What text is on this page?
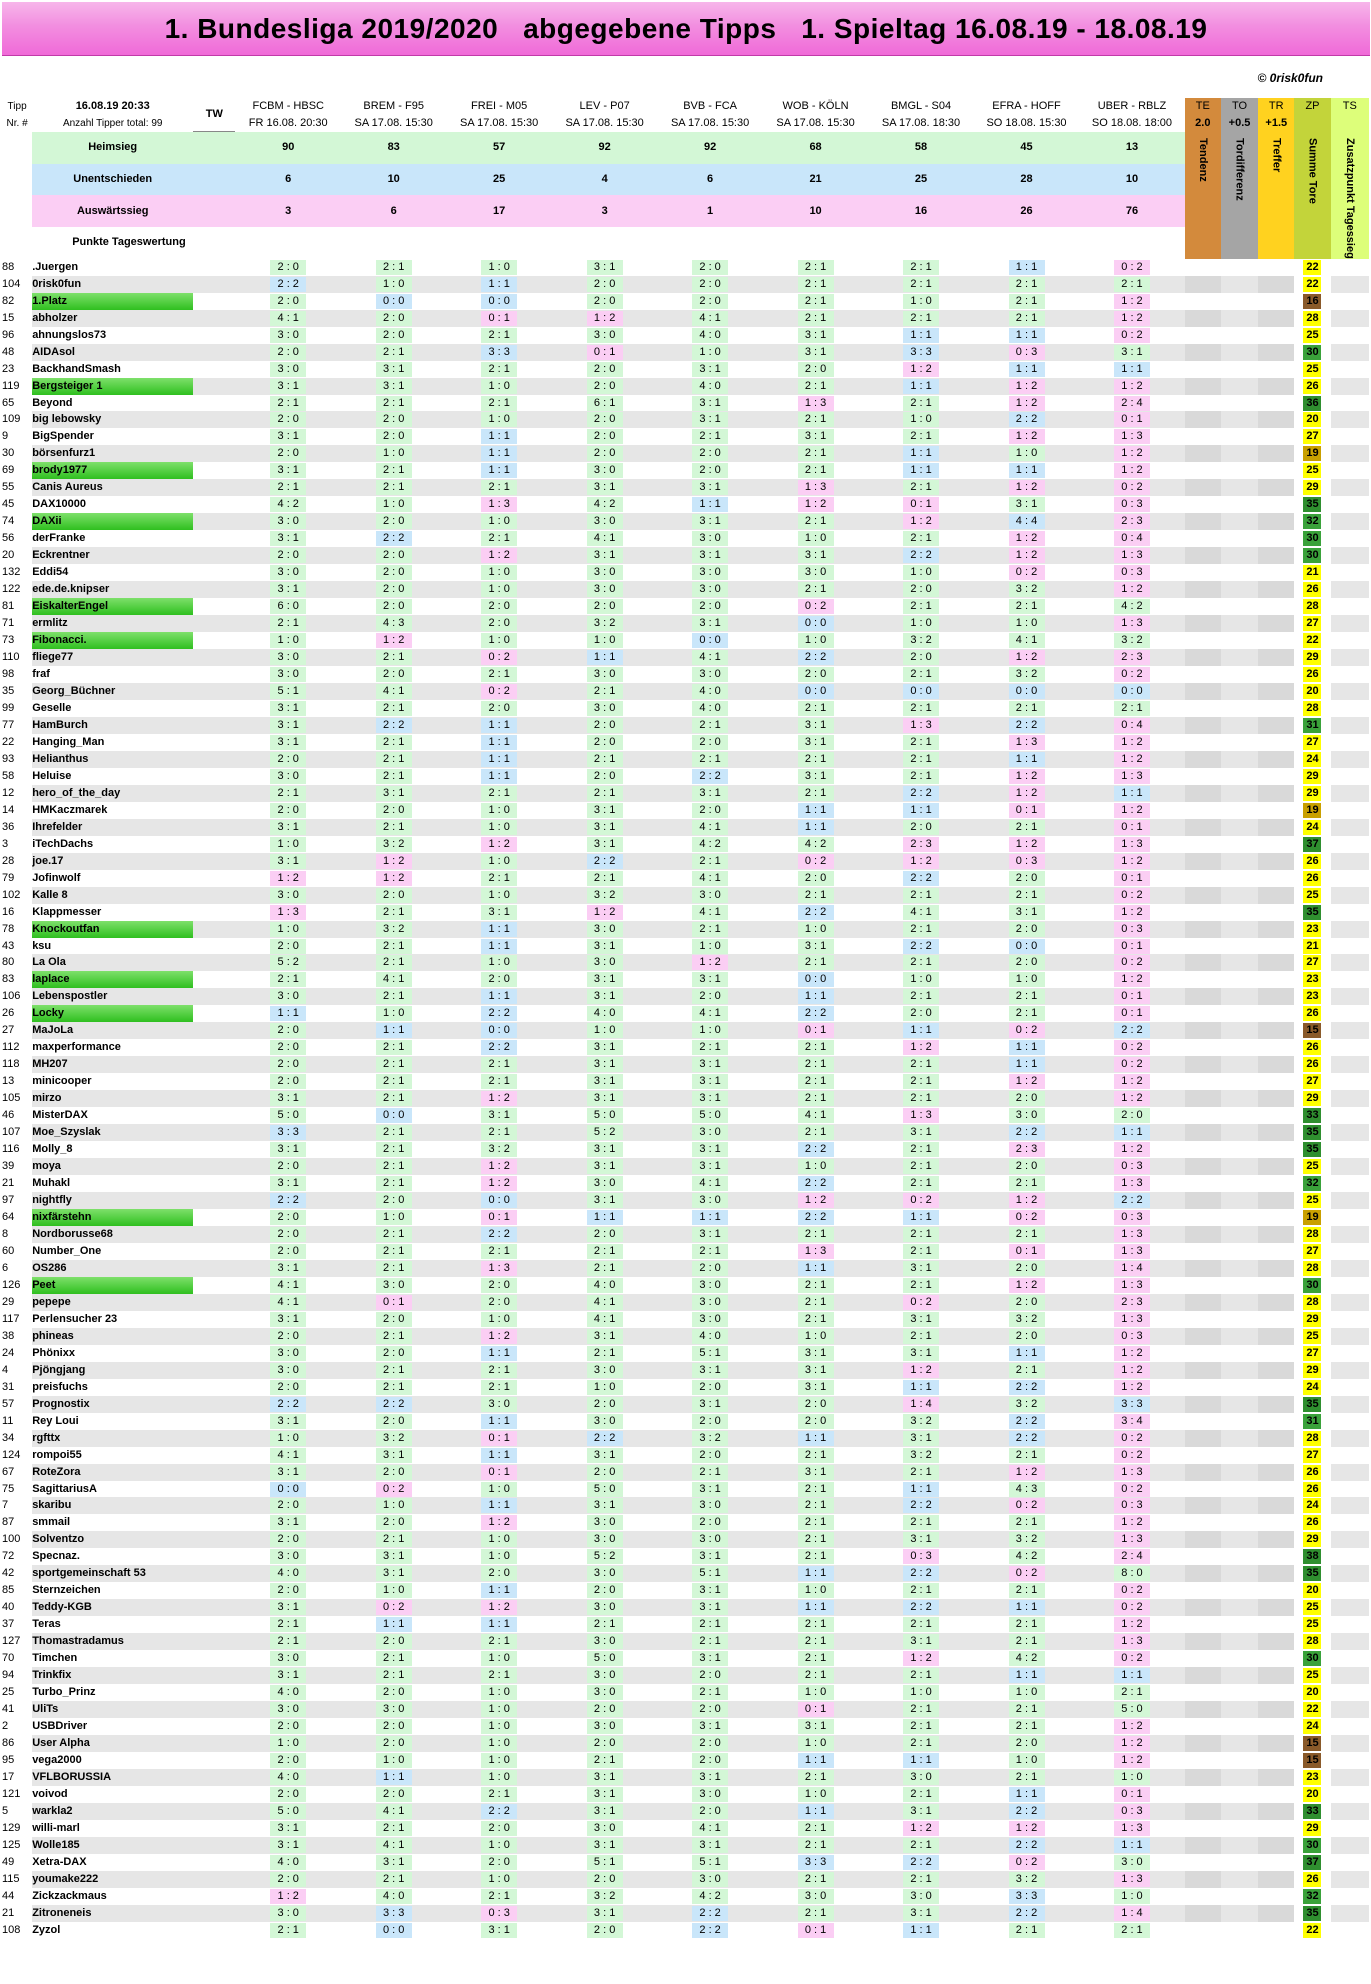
1. Bundesliga 2019/2020   abgegebene Tipps   1. Spieltag 16.08.19 - 18.08.19
© 0risk0fun
Tipp	16.08.19 20:33	TW	FCBM - HBSC	BREM - F95	FREI - M05	LEV - P07	BVB - FCA	WOB - KÖLN	BMGL - S04	EFRA - HOFF	UBER - RBLZ	TE	TO	TR	ZP	TS
Nr. #	Anzahl Tipper total: 99		FR 16.08. 20:30	SA 17.08. 15:30	SA 17.08. 15:30	SA 17.08. 15:30	SA 17.08. 15:30	SA 17.08. 15:30	SA 17.08. 18:30	SO 18.08. 15:30	SO 18.08. 18:00	2.0	+0.5	+1.5		
	Heimsieg		90	83	57	92	92	68	58	45	13	Tendenz	Tordifferenz	Treffer	Summe Tore	Zusatzpunkt Tagessieg

	Unentschieden		6	10	25	4	6	21	25	28	10					
	Auswärtssieg		3	6	17	3	1	10	16	26	76					
	Punkte Tageswertung															
88	.Juergen		2 : 0	2 : 1	1 : 0	3 : 1	2 : 0	2 : 1	2 : 1	1 : 1	0 : 2				22	
104	0risk0fun		2 : 2	1 : 0	1 : 1	2 : 0	2 : 0	2 : 1	2 : 1	2 : 1	2 : 1				22	
82	1.Platz		2 : 0	0 : 0	0 : 0	2 : 0	2 : 0	2 : 1	1 : 0	2 : 1	1 : 2				16	
15	abholzer		4 : 1	2 : 0	0 : 1	1 : 2	4 : 1	2 : 1	2 : 1	2 : 1	1 : 2				28	
96	ahnungslos73		3 : 0	2 : 0	2 : 1	3 : 0	4 : 0	3 : 1	1 : 1	1 : 1	0 : 2				25	
48	AIDAsol		2 : 0	2 : 1	3 : 3	0 : 1	1 : 0	3 : 1	3 : 3	0 : 3	3 : 1				30	
23	BackhandSmash		3 : 0	3 : 1	2 : 1	2 : 0	3 : 1	2 : 0	1 : 2	1 : 1	1 : 1				25	
119	Bergsteiger 1		3 : 1	3 : 1	1 : 0	2 : 0	4 : 0	2 : 1	1 : 1	1 : 2	1 : 2				26	
65	Beyond		2 : 1	2 : 1	2 : 1	6 : 1	3 : 1	1 : 3	2 : 1	1 : 2	2 : 4				36	
109	big lebowsky		2 : 0	2 : 0	1 : 0	2 : 0	3 : 1	2 : 1	1 : 0	2 : 2	0 : 1				20	
9	BigSpender		3 : 1	2 : 0	1 : 1	2 : 0	2 : 1	3 : 1	2 : 1	1 : 2	1 : 3				27	
30	börsenfurz1		2 : 0	1 : 0	1 : 1	2 : 0	2 : 0	2 : 1	1 : 1	1 : 0	1 : 2				19	
69	brody1977		3 : 1	2 : 1	1 : 1	3 : 0	2 : 0	2 : 1	1 : 1	1 : 1	1 : 2				25	
55	Canis Aureus		2 : 1	2 : 1	2 : 1	3 : 1	3 : 1	1 : 3	2 : 1	1 : 2	0 : 2				29	
45	DAX10000		4 : 2	1 : 0	1 : 3	4 : 2	1 : 1	1 : 2	0 : 1	3 : 1	0 : 3				35	
74	DAXii		3 : 0	2 : 0	1 : 0	3 : 0	3 : 1	2 : 1	1 : 2	4 : 4	2 : 3				32	
56	derFranke		3 : 1	2 : 2	2 : 1	4 : 1	3 : 0	1 : 0	2 : 1	1 : 2	0 : 4				30	
20	Eckrentner		2 : 0	2 : 0	1 : 2	3 : 1	3 : 1	3 : 1	2 : 2	1 : 2	1 : 3				30	
132	Eddi54		3 : 0	2 : 0	1 : 0	3 : 0	3 : 0	3 : 0	1 : 0	0 : 2	0 : 3				21	
122	ede.de.knipser		3 : 1	2 : 0	1 : 0	3 : 0	3 : 0	2 : 1	2 : 0	3 : 2	1 : 2				26	
81	EiskalterEngel		6 : 0	2 : 0	2 : 0	2 : 0	2 : 0	0 : 2	2 : 1	2 : 1	4 : 2				28	
71	ermlitz		2 : 1	4 : 3	2 : 0	3 : 2	3 : 1	0 : 0	1 : 0	1 : 0	1 : 3				27	
73	Fibonacci.		1 : 0	1 : 2	1 : 0	1 : 0	0 : 0	1 : 0	3 : 2	4 : 1	3 : 2				22	
110	fliege77		3 : 0	2 : 1	0 : 2	1 : 1	4 : 1	2 : 2	2 : 0	1 : 2	2 : 3				29	
98	fraf		3 : 0	2 : 0	2 : 1	3 : 0	3 : 0	2 : 0	2 : 1	3 : 2	0 : 2				26	
35	Georg_Büchner		5 : 1	4 : 1	0 : 2	2 : 1	4 : 0	0 : 0	0 : 0	0 : 0	0 : 0				20	
99	Geselle		3 : 1	2 : 1	2 : 0	3 : 0	4 : 0	2 : 1	2 : 1	2 : 1	2 : 1				28	
77	HamBurch		3 : 1	2 : 2	1 : 1	2 : 0	2 : 1	3 : 1	1 : 3	2 : 2	0 : 4				31	
22	Hanging_Man		3 : 1	2 : 1	1 : 1	2 : 0	2 : 0	3 : 1	2 : 1	1 : 3	1 : 2				27	
93	Helianthus		2 : 0	2 : 1	1 : 1	2 : 1	2 : 1	2 : 1	2 : 1	1 : 1	1 : 2				24	
58	Heluise		3 : 0	2 : 1	1 : 1	2 : 0	2 : 2	3 : 1	2 : 1	1 : 2	1 : 3				29	
12	hero_of_the_day		2 : 1	3 : 1	2 : 1	2 : 1	3 : 1	2 : 1	2 : 2	1 : 2	1 : 1				29	
14	HMKaczmarek		2 : 0	2 : 0	1 : 0	3 : 1	2 : 0	1 : 1	1 : 1	0 : 1	1 : 2				19	
36	Ihrefelder		3 : 1	2 : 1	1 : 0	3 : 1	4 : 1	1 : 1	2 : 0	2 : 1	0 : 1				24	
3	iTechDachs		1 : 0	3 : 2	1 : 2	3 : 1	4 : 2	4 : 2	2 : 3	1 : 2	1 : 3				37	
28	joe.17		3 : 1	1 : 2	1 : 0	2 : 2	2 : 1	0 : 2	1 : 2	0 : 3	1 : 2				26	
79	Jofinwolf		1 : 2	1 : 2	2 : 1	2 : 1	4 : 1	2 : 0	2 : 2	2 : 0	0 : 1				26	
102	Kalle 8		3 : 0	2 : 0	1 : 0	3 : 2	3 : 0	2 : 1	2 : 1	2 : 1	0 : 2				25	
16	Klappmesser		1 : 3	2 : 1	3 : 1	1 : 2	4 : 1	2 : 2	4 : 1	3 : 1	1 : 2				35	
78	Knockoutfan		1 : 0	3 : 2	1 : 1	3 : 0	2 : 1	1 : 0	2 : 1	2 : 0	0 : 3				23	
43	ksu		2 : 0	2 : 1	1 : 1	3 : 1	1 : 0	3 : 1	2 : 2	0 : 0	0 : 1				21	
80	La Ola		5 : 2	2 : 1	1 : 0	3 : 0	1 : 2	2 : 1	2 : 1	2 : 0	0 : 2				27	
83	laplace		2 : 1	4 : 1	2 : 0	3 : 1	3 : 1	0 : 0	1 : 0	1 : 0	1 : 2				23	
106	Lebenspostler		3 : 0	2 : 1	1 : 1	3 : 1	2 : 0	1 : 1	2 : 1	2 : 1	0 : 1				23	
26	Locky		1 : 1	1 : 0	2 : 2	4 : 0	4 : 1	2 : 2	2 : 0	2 : 1	0 : 1				26	
27	MaJoLa		2 : 0	1 : 1	0 : 0	1 : 0	1 : 0	0 : 1	1 : 1	0 : 2	2 : 2				15	
112	maxperformance		2 : 0	2 : 1	2 : 2	3 : 1	2 : 1	2 : 1	1 : 2	1 : 1	0 : 2				26	
118	MH207		2 : 0	2 : 1	2 : 1	3 : 1	3 : 1	2 : 1	2 : 1	1 : 1	0 : 2				26	
13	minicooper		2 : 0	2 : 1	2 : 1	3 : 1	3 : 1	2 : 1	2 : 1	1 : 2	1 : 2				27	
105	mirzo		3 : 1	2 : 1	1 : 2	3 : 1	3 : 1	2 : 1	2 : 1	2 : 0	1 : 2				29	
46	MisterDAX		5 : 0	0 : 0	3 : 1	5 : 0	5 : 0	4 : 1	1 : 3	3 : 0	2 : 0				33	
107	Moe_Szyslak		3 : 3	2 : 1	2 : 1	5 : 2	3 : 0	2 : 1	3 : 1	2 : 2	1 : 1				35	
116	Molly_8		3 : 1	2 : 1	3 : 2	3 : 1	3 : 1	2 : 2	2 : 1	2 : 3	1 : 2				35	
39	moya		2 : 0	2 : 1	1 : 2	3 : 1	3 : 1	1 : 0	2 : 1	2 : 0	0 : 3				25	
21	Muhakl		3 : 1	2 : 1	1 : 2	3 : 0	4 : 1	2 : 2	2 : 1	2 : 1	1 : 3				32	
97	nightfly		2 : 2	2 : 0	0 : 0	3 : 1	3 : 0	1 : 2	0 : 2	1 : 2	2 : 2				25	
64	nixfärstehn		2 : 0	1 : 0	0 : 1	1 : 1	1 : 1	2 : 2	1 : 1	0 : 2	0 : 3				19	
8	Nordborusse68		2 : 0	2 : 1	2 : 2	2 : 0	3 : 1	2 : 1	2 : 1	2 : 1	1 : 3				28	
60	Number_One		2 : 0	2 : 1	2 : 1	2 : 1	2 : 1	1 : 3	2 : 1	0 : 1	1 : 3				27	
6	OS286		3 : 1	2 : 1	1 : 3	2 : 1	2 : 0	1 : 1	3 : 1	2 : 0	1 : 4				28	
126	Peet		4 : 1	3 : 0	2 : 0	4 : 0	3 : 0	2 : 1	2 : 1	1 : 2	1 : 3				30	
29	pepepe		4 : 1	0 : 1	2 : 0	4 : 1	3 : 0	2 : 1	0 : 2	2 : 0	2 : 3				28	
117	Perlensucher 23		3 : 1	2 : 0	1 : 0	4 : 1	3 : 0	2 : 1	3 : 1	3 : 2	1 : 3				29	
38	phineas		2 : 0	2 : 1	1 : 2	3 : 1	4 : 0	1 : 0	2 : 1	2 : 0	0 : 3				25	
24	Phönixx		3 : 0	2 : 0	1 : 1	2 : 1	5 : 1	3 : 1	3 : 1	1 : 1	1 : 2				27	
4	Pjöngjang		3 : 0	2 : 1	2 : 1	3 : 0	3 : 1	3 : 1	1 : 2	2 : 1	1 : 2				29	
31	preisfuchs		2 : 0	2 : 1	2 : 1	1 : 0	2 : 0	3 : 1	1 : 1	2 : 2	1 : 2				24	
57	Prognostix		2 : 2	2 : 2	3 : 0	2 : 0	3 : 1	2 : 0	1 : 4	3 : 2	3 : 3				35	
11	Rey Loui		3 : 1	2 : 0	1 : 1	3 : 0	2 : 0	2 : 0	3 : 2	2 : 2	3 : 4				31	
34	rgfttx		1 : 0	3 : 2	0 : 1	2 : 2	3 : 2	1 : 1	3 : 1	2 : 2	0 : 2				28	
124	rompoi55		4 : 1	3 : 1	1 : 1	3 : 1	2 : 0	2 : 1	3 : 2	2 : 1	0 : 2				27	
67	RoteZora		3 : 1	2 : 0	0 : 1	2 : 0	2 : 1	3 : 1	2 : 1	1 : 2	1 : 3				26	
75	SagittariusA		0 : 0	0 : 2	1 : 0	5 : 0	3 : 1	2 : 1	1 : 1	4 : 3	0 : 2				26	
7	skaribu		2 : 0	1 : 0	1 : 1	3 : 1	3 : 0	2 : 1	2 : 2	0 : 2	0 : 3				24	
87	smmail		3 : 1	2 : 0	1 : 2	3 : 0	2 : 0	2 : 1	2 : 1	2 : 1	1 : 2				26	
100	Solventzo		2 : 0	2 : 1	1 : 0	3 : 0	3 : 0	2 : 1	3 : 1	3 : 2	1 : 3				29	
72	Specnaz.		3 : 0	3 : 1	1 : 0	5 : 2	3 : 1	2 : 1	0 : 3	4 : 2	2 : 4				38	
42	sportgemeinschaft 53		4 : 0	3 : 1	2 : 0	3 : 0	5 : 1	1 : 1	2 : 2	0 : 2	8 : 0				35	
85	Sternzeichen		2 : 0	1 : 0	1 : 1	2 : 0	3 : 1	1 : 0	2 : 1	2 : 1	0 : 2				20	
40	Teddy-KGB		3 : 1	0 : 2	1 : 2	3 : 0	3 : 1	1 : 1	2 : 2	1 : 1	0 : 2				25	
37	Teras		2 : 1	1 : 1	1 : 1	2 : 1	2 : 1	2 : 1	2 : 1	2 : 1	1 : 2				25	
127	Thomastradamus		2 : 1	2 : 0	2 : 1	3 : 0	2 : 1	2 : 1	3 : 1	2 : 1	1 : 3				28	
70	Timchen		3 : 0	2 : 1	1 : 0	5 : 0	3 : 1	2 : 1	1 : 2	4 : 2	0 : 2				30	
94	Trinkfix		3 : 1	2 : 1	2 : 1	3 : 0	2 : 0	2 : 1	2 : 1	1 : 1	1 : 1				25	
25	Turbo_Prinz		4 : 0	2 : 0	1 : 0	3 : 0	2 : 1	1 : 0	1 : 0	1 : 0	2 : 1				20	
41	UliTs		3 : 0	3 : 0	1 : 0	2 : 0	2 : 0	0 : 1	2 : 1	2 : 1	5 : 0				22	
2	USBDriver		2 : 0	2 : 0	1 : 0	3 : 0	3 : 1	3 : 1	2 : 1	2 : 1	1 : 2				24	
86	User Alpha		1 : 0	2 : 0	1 : 0	2 : 0	2 : 0	1 : 0	2 : 1	2 : 0	1 : 2				15	
95	vega2000		2 : 0	1 : 0	1 : 0	2 : 1	2 : 0	1 : 1	1 : 1	1 : 0	1 : 2				15	
17	VFLBORUSSIA		4 : 0	1 : 1	1 : 0	3 : 1	3 : 1	2 : 1	3 : 0	2 : 1	1 : 0				23	
121	voivod		2 : 0	2 : 0	2 : 1	3 : 1	3 : 0	1 : 0	2 : 1	1 : 1	0 : 1				20	
5	warkla2		5 : 0	4 : 1	2 : 2	3 : 1	2 : 0	1 : 1	3 : 1	2 : 2	0 : 3				33	
129	willi-marl		3 : 1	2 : 1	2 : 0	3 : 0	4 : 1	2 : 1	1 : 2	1 : 2	1 : 3				29	
125	Wolle185		3 : 1	4 : 1	1 : 0	3 : 1	3 : 1	2 : 1	2 : 1	2 : 2	1 : 1				30	
49	Xetra-DAX		4 : 0	3 : 1	2 : 0	5 : 1	5 : 1	3 : 3	2 : 2	0 : 2	3 : 0				37	
115	youmake222		2 : 0	2 : 1	1 : 0	2 : 0	3 : 0	2 : 1	2 : 1	3 : 2	1 : 3				26	
44	Zickzackmaus		1 : 2	4 : 0	2 : 1	3 : 2	4 : 2	3 : 0	3 : 0	3 : 3	1 : 0				32	
21	Zitroneneis		3 : 0	3 : 3	0 : 3	3 : 1	2 : 2	2 : 1	3 : 1	2 : 2	1 : 4				35	
108	Zyzol		2 : 1	0 : 0	3 : 1	2 : 0	2 : 2	0 : 1	1 : 1	2 : 1	2 : 1				22	
